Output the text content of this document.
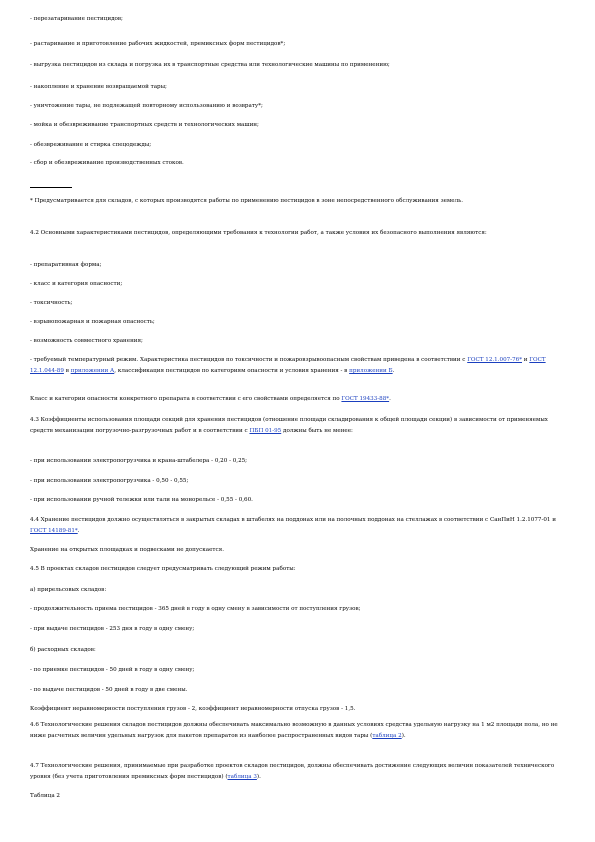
- перезатаривание пестицидов;

- растаривание и приготовление рабочих жидкостей, премиксных форм пестицидов*;

- выгрузка пестицидов из склада и погрузка их в транспортные средства или технологические машины по применению;

- накопление и хранение возвращаемой тары;

- уничтожение тары, не подлежащей повторному использованию и возврату*;

- мойка и обезвреживание транспортных средств и технологических машин;

- обезвреживание и стирка спецодежды;

- сбор и обезвреживание производственных стоков.

* Предусматривается для складов, с которых производятся работы по применению пестицидов в зоне непосредственного обслуживания земель.

4.2 Основными характеристиками пестицидов, определяющими требования к технологии работ, а также условия их безопасного выполнения являются:

- препаративная форма;

- класс и категория опасности;

- токсичность;

- взрывопожарная и пожарная опасность;

- возможность совместного хранения;

- требуемый температурный режим. Характеристика пестицидов по токсичности и пожаровзрывоопасным свойствам приведена в соответствии с ГОСТ 12.1.007-76* и ГОСТ 12.1.044-89 в приложении А, классификация пестицидов по категориям опасности и условия хранения - в приложении Б.

Класс и категории опасности конкретного препарата в соответствии с его свойствами определяется по ГОСТ 19433-88*.

4.3 Коэффициенты использования площади секций для хранения пестицидов (отношение площади складирования к общей площади секции) в зависимости от применяемых средств механизации погрузочно-разгрузочных работ и в соответствии с ПБП 01-95 должны быть не менее:

- при использовании электропогрузчика и крана-штабелера - 0,20 - 0,25;

- при использовании электропогрузчика - 0,50 - 0,55;

- при использовании ручной тележки или тали на монорельсе - 0,55 - 0,60.

4.4 Хранение пестицидов должно осуществляться в закрытых складах в штабелях на поддонах или на полочных поддонах на стеллажах в соответствии с СанПиН 1.2.1077-01 и ГОСТ 14189-81*.

Хранение на открытых площадках и подвесками не допускается.

4.5 В проектах складов пестицидов следует предусматривать следующий режим работы:

а) прирельсовых складов:

- продолжительность приема пестицидов - 365 дней в году в одну смену в зависимости от поступления грузов;

- при выдаче пестицидов - 253 дня в году в одну смену;

б) расходных складов:

- по приемке пестицидов - 50 дней в году в одну смену;

- по выдаче пестицидов - 50 дней в году в две смены.

Коэффициент неравномерности поступления грузов - 2, коэффициент неравномерности отпуска грузов - 1,5.

4.6 Технологические решения складов пестицидов должны обеспечивать максимально возможную в данных условиях средства удельную нагрузку на 1 м2 площади пола, но не ниже расчетных величин удельных нагрузок для пакетов препаратов из наиболее распространенных видов тары (таблица 2).

4.7 Технологические решения, принимаемые при разработке проектов складов пестицидов, должны обеспечивать достижение следующих величин показателей технического уровня (без учета приготовления премиксных форм пестицидов) (таблица 3).

Таблица 2
